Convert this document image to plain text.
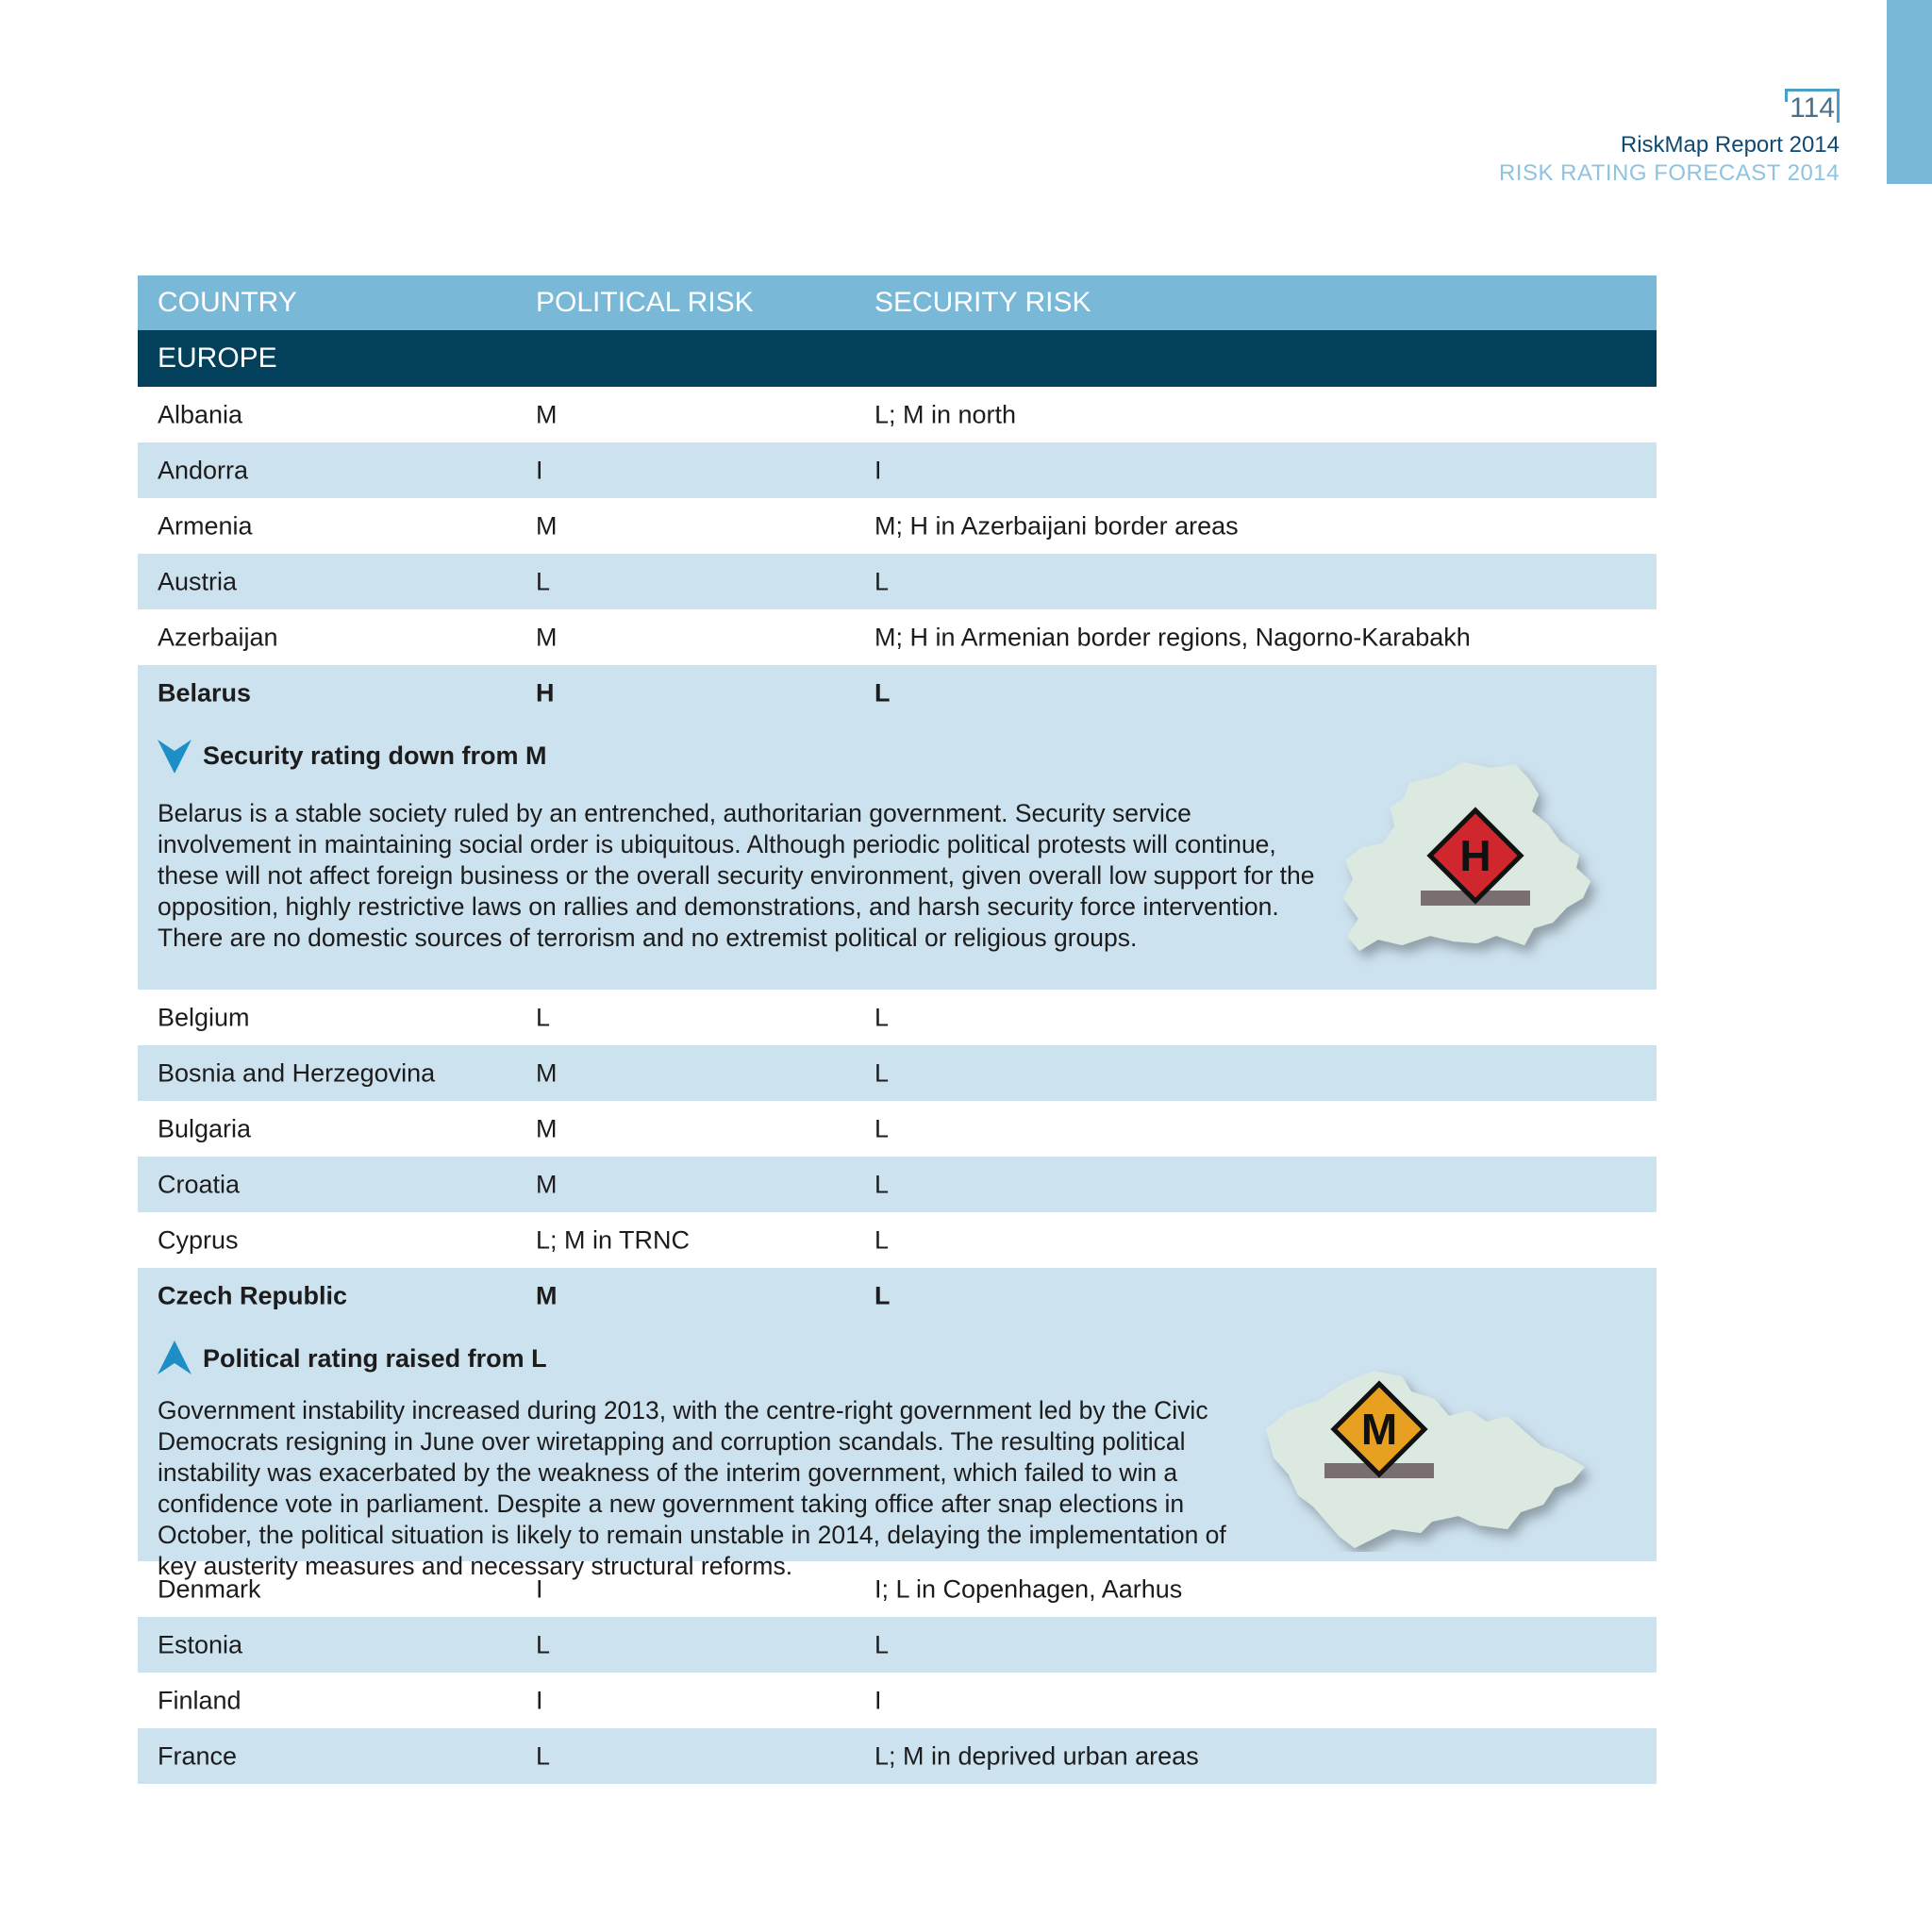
114
RiskMap Report 2014
RISK RATING FORECAST 2014
COUNTRY	POLITICAL RISK	SECURITY RISK
EUROPE
Albania	M	L; M in north
Andorra	I	I
Armenia	M	M; H in Azerbaijani border areas
Austria	L	L
Azerbaijan	M	M; H in Armenian border regions, Nagorno-Karabakh
Belarus	H	L
Security rating down from M
Belarus is a stable society ruled by an entrenched, authoritarian government. Security service involvement in maintaining social order is ubiquitous. Although periodic political protests will continue, these will not affect foreign business or the overall security environment, given overall low support for the opposition, highly restrictive laws on rallies and demonstrations, and harsh security force intervention. There are no domestic sources of terrorism and no extremist political or religious groups.
H
Belgium	L	L
Bosnia and Herzegovina	M	L
Bulgaria	M	L
Croatia	M	L
Cyprus	L; M in TRNC	L
Czech Republic	M	L
Political rating raised from L
Government instability increased during 2013, with the centre-right government led by the Civic Democrats resigning in June over wiretapping and corruption scandals. The resulting political instability was exacerbated by the weakness of the interim government, which failed to win a confidence vote in parliament. Despite a new government taking office after snap elections in October, the political situation is likely to remain unstable in 2014, delaying the implementation of key austerity measures and necessary structural reforms.
M
Denmark	I	I; L in Copenhagen, Aarhus
Estonia	L	L
Finland	I	I
France	L	L; M in deprived urban areas
